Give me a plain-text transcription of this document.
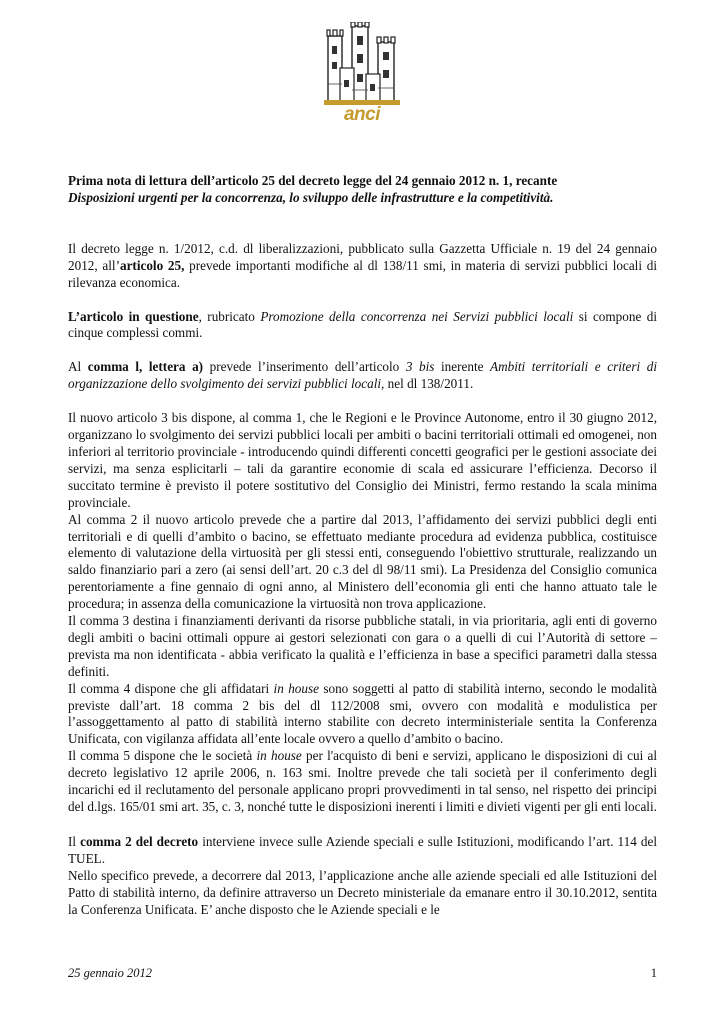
anci

Prima nota di lettura dell’articolo 25 del decreto legge del 24 gennaio 2012 n. 1, recante
Disposizioni urgenti per la concorrenza, lo sviluppo delle infrastrutture e la competitività.

Il decreto legge n. 1/2012, c.d. dl liberalizzazioni, pubblicato sulla Gazzetta Ufficiale n. 19 del 24 gennaio 2012, all’articolo 25, prevede importanti modifiche al dl 138/11 smi, in materia di servizi pubblici locali di rilevanza economica.

L’articolo in questione, rubricato Promozione della concorrenza nei Servizi pubblici locali si compone di cinque complessi commi.

Al comma l, lettera a) prevede l’inserimento dell’articolo 3 bis inerente Ambiti territoriali e criteri di organizzazione dello svolgimento dei servizi pubblici locali, nel dl 138/2011.

Il nuovo articolo 3 bis dispone, al comma 1, che le Regioni e le Province Autonome, entro il 30 giugno 2012, organizzano lo svolgimento dei servizi pubblici locali per ambiti o bacini territoriali ottimali ed omogenei, non inferiori al territorio provinciale - introducendo quindi differenti concetti geografici per le gestioni associate dei servizi, ma senza esplicitarli – tali da garantire economie di scala ed assicurare l’efficienza. Decorso il succitato termine è previsto il potere sostitutivo del Consiglio dei Ministri, fermo restando la scala minima provinciale.

Al comma 2 il nuovo articolo prevede che a partire dal 2013, l’affidamento dei servizi pubblici degli enti territoriali e di quelli d’ambito o bacino, se effettuato mediante procedura ad evidenza pubblica, costituisce elemento di valutazione della virtuosità per gli stessi enti, conseguendo l'obiettivo strutturale, realizzando un saldo finanziario pari a zero (ai sensi dell’art. 20 c.3 del dl 98/11 smi). La Presidenza del Consiglio comunica perentoriamente a fine gennaio di ogni anno, al Ministero dell’economia gli enti che hanno attuato tale le procedura; in assenza della comunicazione la virtuosità non trova applicazione.

Il comma 3 destina i finanziamenti derivanti da risorse pubbliche statali, in via prioritaria, agli enti di governo degli ambiti o bacini ottimali oppure ai gestori selezionati con gara o a quelli di cui l’Autorità di settore – prevista ma non identificata - abbia verificato la qualità e l’efficienza in base a specifici parametri dalla stessa definiti.

Il comma 4 dispone che gli affidatari in house sono soggetti al patto di stabilità interno, secondo le modalità previste dall’art. 18 comma 2 bis del dl 112/2008 smi, ovvero con modalità e modulistica per l’assoggettamento al patto di stabilità interno stabilite con decreto interministeriale sentita la Conferenza Unificata, con vigilanza affidata all’ente locale ovvero a quello d’ambito o bacino.

Il comma 5 dispone che le società in house per l'acquisto di beni e servizi, applicano le disposizioni di cui al decreto legislativo 12 aprile 2006, n. 163 smi. Inoltre prevede che tali società per il conferimento degli incarichi ed il reclutamento del personale applicano propri provvedimenti in tal senso, nel rispetto dei principi del d.lgs. 165/01 smi art. 35, c. 3, nonché tutte le disposizioni inerenti i limiti e divieti vigenti per gli enti locali.

Il comma 2 del decreto interviene invece sulle Aziende speciali e sulle Istituzioni, modificando l’art. 114 del TUEL.

Nello specifico prevede, a decorrere dal 2013, l’applicazione anche alle aziende speciali ed alle Istituzioni del Patto di stabilità interno, da definire attraverso un Decreto ministeriale da emanare entro il 30.10.2012, sentita la Conferenza Unificata. E’ anche disposto che le Aziende speciali e le

25 gennaio 2012	1
